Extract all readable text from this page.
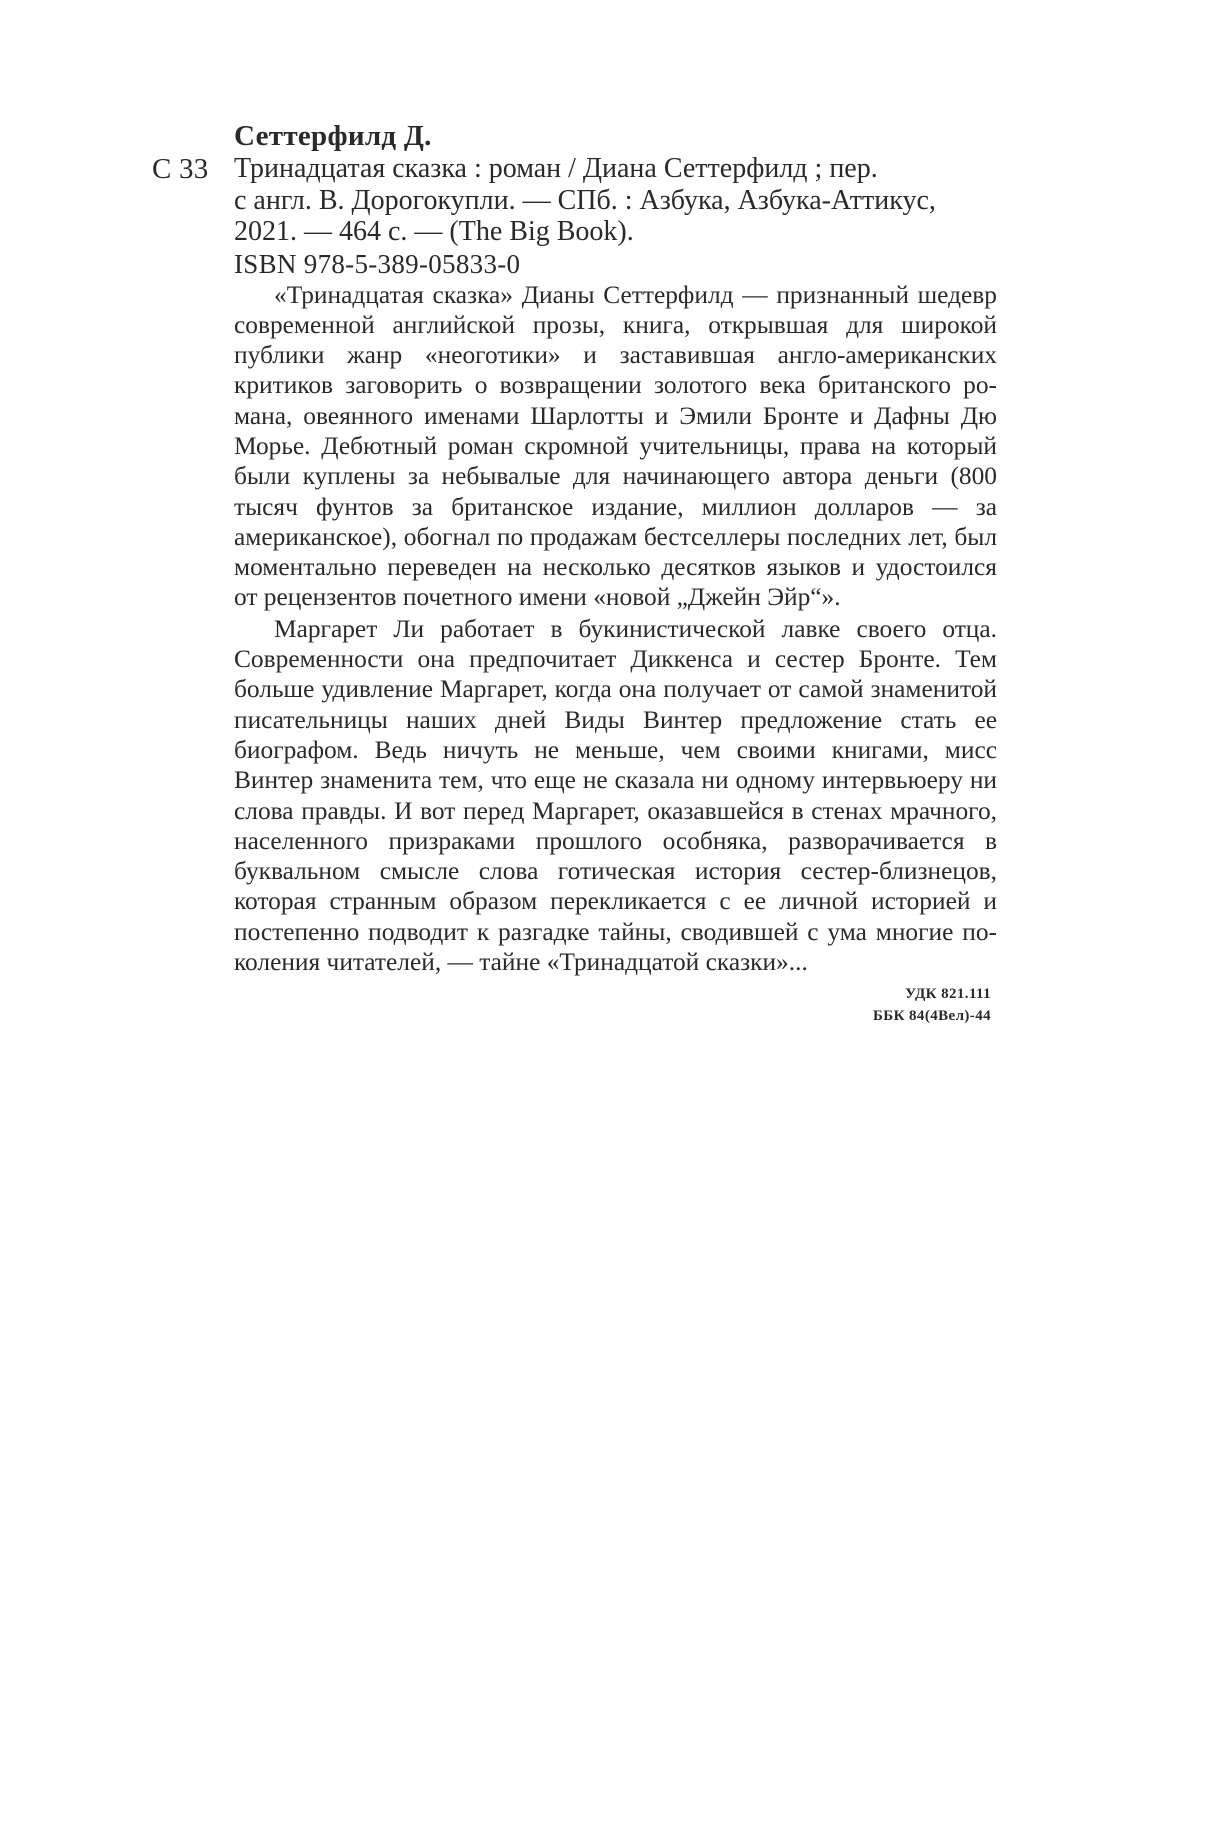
С 33

Сеттерфилд Д.

Тринадцатая сказка : роман / Диана Сеттерфилд ; пер.
с англ. В. Дорогокупли. — СПб. : Азбука, Азбука-Аттикус,
2021. — 464 с. — (The Big Book).

ISBN 978-5-389-05833-0

«Тринадцатая сказка» Дианы Сеттерфилд — признанный шедевр современной английской прозы, книга, открывшая для широкой публики жанр «неоготики» и заставившая англо-американских критиков заговорить о возвращении золотого века британского романа, овеянного именами Шарлотты и Эмили Бронте и Дафны Дю Морье. Дебютный роман скромной учительницы, права на который были куплены за небывалые для начинающего автора деньги (800 тысяч фунтов за британское издание, миллион долларов — за американское), обогнал по продажам бестселлеры последних лет, был моментально переведен на несколько десятков языков и удостоился от рецензентов почетного имени «новой „Джейн Эйр“».

Маргарет Ли работает в букинистической лавке своего отца. Современности она предпочитает Диккенса и сестер Бронте. Тем больше удивление Маргарет, когда она получает от самой знаменитой писательницы наших дней Виды Винтер предложение стать ее биографом. Ведь ничуть не меньше, чем своими книгами, мисс Винтер знаменита тем, что еще не сказала ни одному интервьюеру ни слова правды. И вот перед Маргарет, оказавшейся в стенах мрачного, населенного призраками прошлого особняка, разворачивается в буквальном смысле слова готическая история сестер-близнецов, которая странным образом перекликается с ее личной историей и постепенно подводит к разгадке тайны, сводившей с ума многие поколения читателей, — тайне «Тринадцатой сказки»...

УДК 821.111
ББК 84(4Вел)-44
